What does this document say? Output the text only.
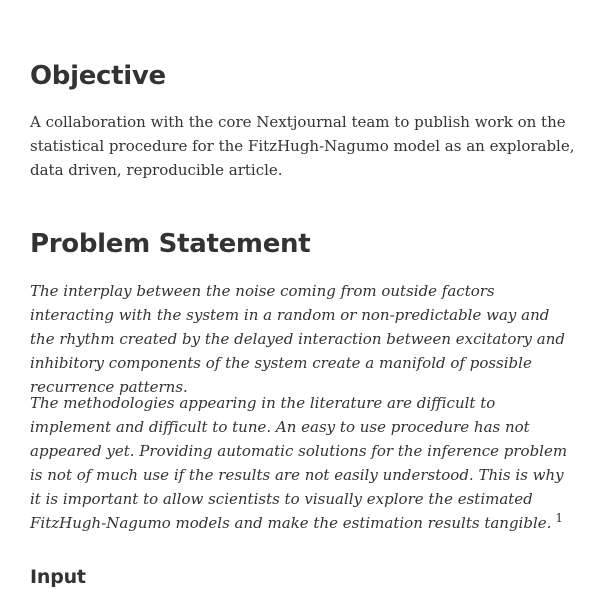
Objective

A collaboration with the core Nextjournal team to publish work on the statistical procedure for the FitzHugh-Nagumo model as an explorable, data driven, reproducible article.

Problem Statement

The interplay between the noise coming from outside factors interacting with the system in a random or non-predictable way and the rhythm created by the delayed interaction between excitatory and inhibitory components of the system create a manifold of possible recurrence patterns.

The methodologies appearing in the literature are difficult to implement and difficult to tune. An easy to use procedure has not appeared yet. Providing automatic solutions for the inference problem is not of much use if the results are not easily understood. This is why it is important to allow scientists to visually explore the estimated FitzHugh-Nagumo models and make the estimation results tangible. $^1$

Input
